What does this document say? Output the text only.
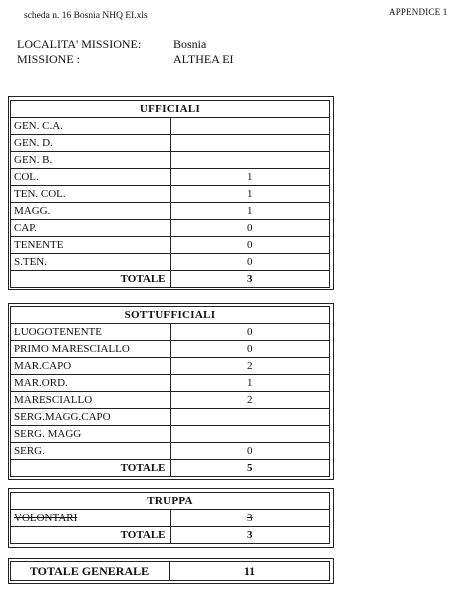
scheda n. 16 Bosnia NHQ EI.xls	APPENDICE 1
LOCALITA' MISSIONE:	Bosnia
MISSIONE :	ALTHEA EI
UFFICIALI	
GEN. C.A.	
GEN. D.	
GEN. B.	
COL.	1
TEN. COL.	1
MAGG.	1
CAP.	0
TENENTE	0
S.TEN.	0
TOTALE	3
SOTTUFFICIALI	
LUOGOTENENTE	0
PRIMO MARESCIALLO	0
MAR.CAPO	2
MAR.ORD.	1
MARESCIALLO	2
SERG.MAGG.CAPO	
SERG. MAGG	
SERG.	0
TOTALE	5
TRUPPA	
VOLONTARI	3
TOTALE	3
TOTALE GENERALE	11
